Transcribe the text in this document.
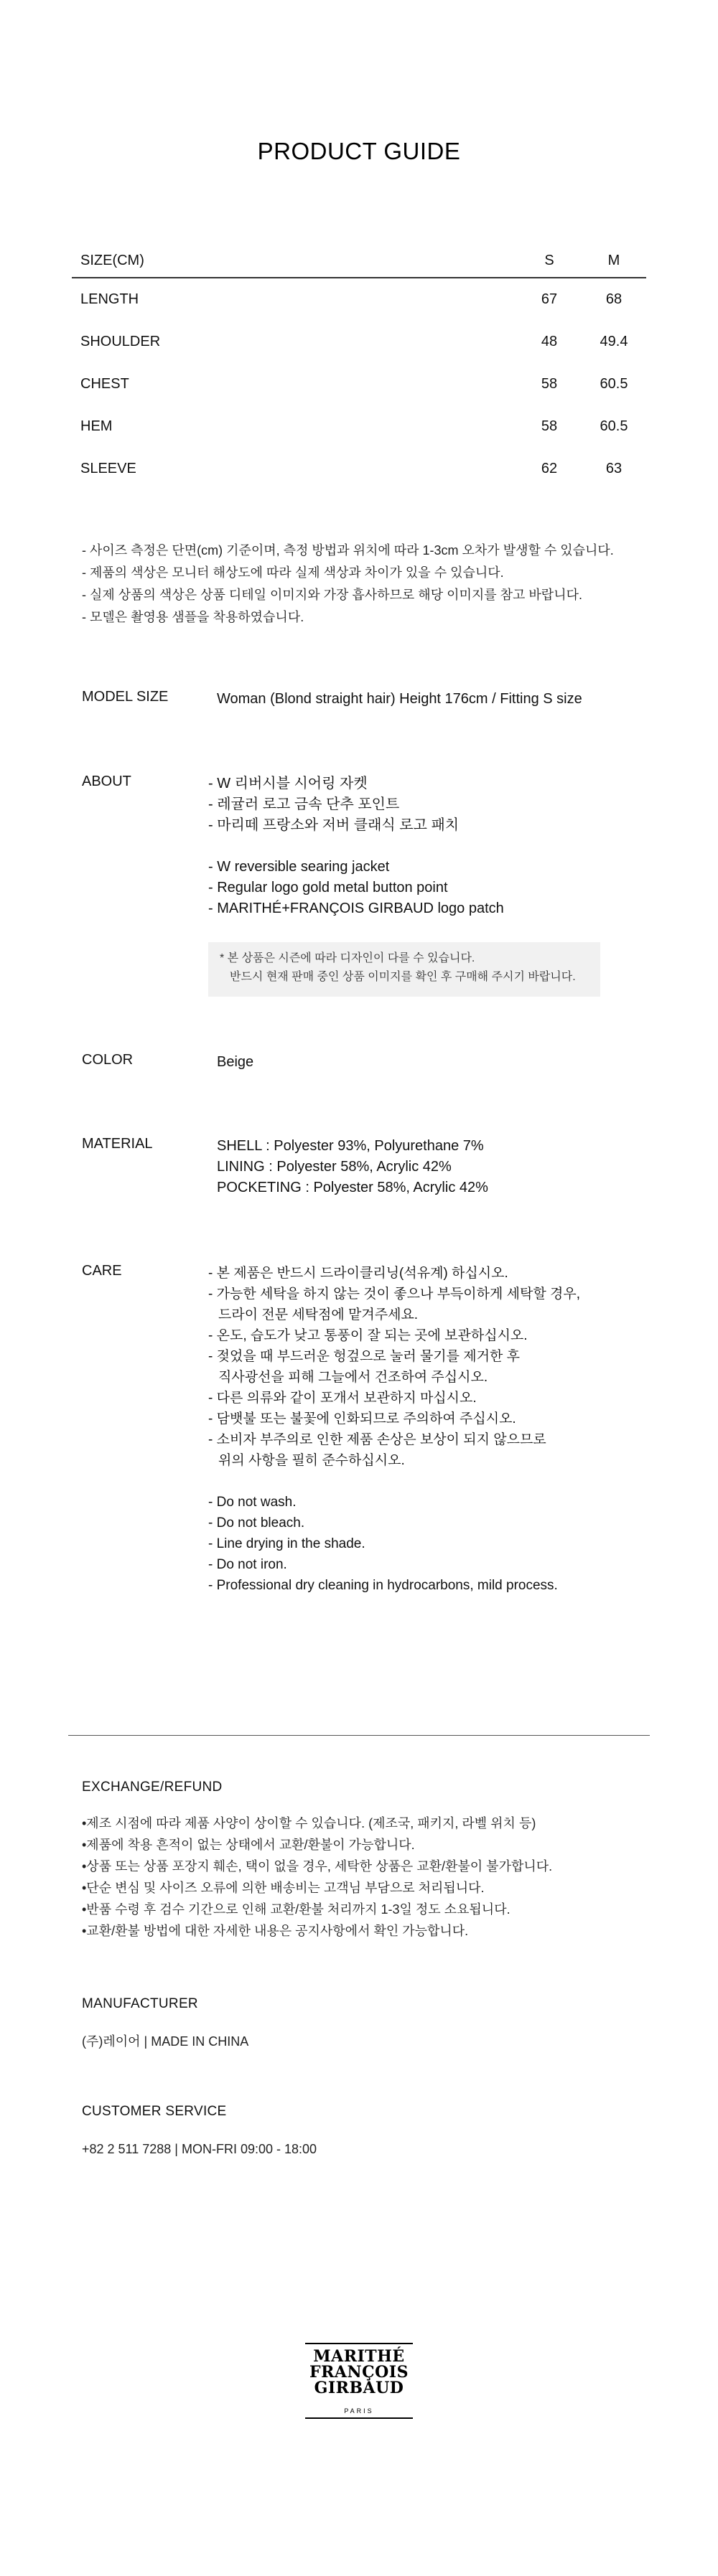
PRODUCT GUIDE
SIZE(CM)	S	M
LENGTH	67	68
SHOULDER	48	49.4
CHEST	58	60.5
HEM	58	60.5
SLEEVE	62	63
- 사이즈 측정은 단면(cm) 기준이며, 측정 방법과 위치에 따라 1-3cm 오차가 발생할 수 있습니다.
- 제품의 색상은 모니터 해상도에 따라 실제 색상과 차이가 있을 수 있습니다.
- 실제 상품의 색상은 상품 디테일 이미지와 가장 흡사하므로 해당 이미지를 참고 바랍니다.
- 모델은 촬영용 샘플을 착용하였습니다.
MODEL SIZE	Woman (Blond straight hair) Height 176cm / Fitting S size
ABOUT	- W 리버시블 시어링 자켓
- 레귤러 로고 금속 단추 포인트
- 마리떼 프랑소와 저버 클래식 로고 패치
- W reversible searing jacket
- Regular logo gold metal button point
- MARITHÉ+FRANÇOIS GIRBAUD logo patch
* 본 상품은 시즌에 따라 디자인이 다를 수 있습니다.
반드시 현재 판매 중인 상품 이미지를 확인 후 구매해 주시기 바랍니다.
COLOR	Beige
MATERIAL	SHELL : Polyester 93%, Polyurethane 7%
LINING : Polyester 58%, Acrylic 42%
POCKETING : Polyester 58%, Acrylic 42%
CARE	- 본 제품은 반드시 드라이클리닝(석유계) 하십시오.
- 가능한 세탁을 하지 않는 것이 좋으나 부득이하게 세탁할 경우,
드라이 전문 세탁점에 맡겨주세요.
- 온도, 습도가 낮고 통풍이 잘 되는 곳에 보관하십시오.
- 젖었을 때 부드러운 헝겊으로 눌러 물기를 제거한 후
직사광선을 피해 그늘에서 건조하여 주십시오.
- 다른 의류와 같이 포개서 보관하지 마십시오.
- 담뱃불 또는 불꽃에 인화되므로 주의하여 주십시오.
- 소비자 부주의로 인한 제품 손상은 보상이 되지 않으므로
위의 사항을 필히 준수하십시오.
- Do not wash.
- Do not bleach.
- Line drying in the shade.
- Do not iron.
- Professional dry cleaning in hydrocarbons, mild process.
EXCHANGE/REFUND
•제조 시점에 따라 제품 사양이 상이할 수 있습니다. (제조국, 패키지, 라벨 위치 등)
•제품에 착용 흔적이 없는 상태에서 교환/환불이 가능합니다.
•상품 또는 상품 포장지 훼손, 택이 없을 경우, 세탁한 상품은 교환/환불이 불가합니다.
•단순 변심 및 사이즈 오류에 의한 배송비는 고객님 부담으로 처리됩니다.
•반품 수령 후 검수 기간으로 인해 교환/환불 처리까지 1-3일 정도 소요됩니다.
•교환/환불 방법에 대한 자세한 내용은 공지사항에서 확인 가능합니다.
MANUFACTURER
(주)레이어 | MADE IN CHINA
CUSTOMER SERVICE
+82 2 511 7288 | MON-FRI 09:00 - 18:00
MARITHÉ
FRANÇOIS
GIRBAUD
PARIS
